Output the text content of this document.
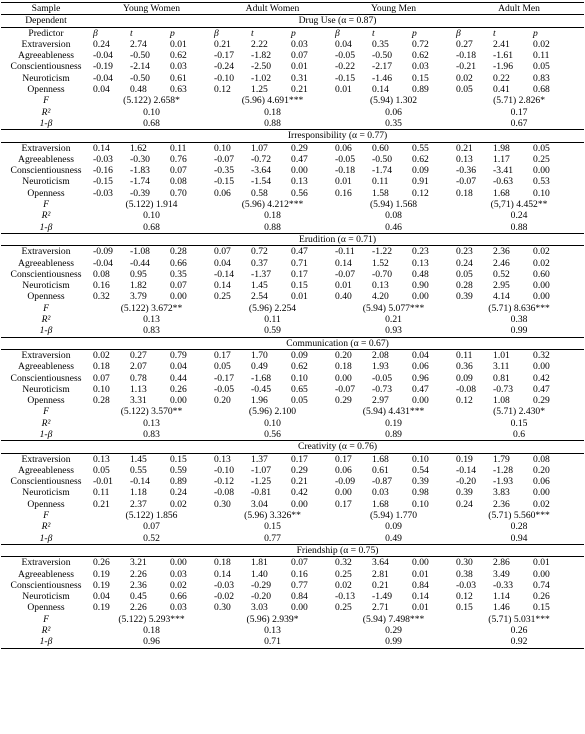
Sample	Young Women			Adult Women			Young Men			Adult Men		
Dependent	Drug Use (α = 0.87)											
Predictor	β	t	p	β	t	p	β	t	p	β	t	p
Extraversion	0.24	2.74	0.01	0.21	2.22	0.03	0.04	0.35	0.72	0.27	2.41	0.02
Agreeableness	-0.04	-0.50	0.62	-0.17	-1.82	0.07	-0.05	-0.50	0.62	-0.18	-1.61	0.11
Conscientiousness	-0.19	-2.14	0.03	-0.24	-2.50	0.01	-0.22	-2.17	0.03	-0.21	-1.96	0.05
Neuroticism	-0.04	-0.50	0.61	-0.10	-1.02	0.31	-0.15	-1.46	0.15	0.02	0.22	0.83
Openness	0.04	0.48	0.63	0.12	1.25	0.21	0.01	0.14	0.89	0.05	0.41	0.68
F	(5.122) 2.658*			(5.96) 4.691***			(5.94) 1.302			(5.71) 2.826*		
R²	0.10			0.18			0.06			0.17		
1-β	0.68			0.88			0.35			0.67		
	Irresponsibility (α = 0.77)											
Extraversion	0.14	1.62	0.11	0.10	1.07	0.29	0.06	0.60	0.55	0.21	1.98	0.05
Agreeableness	-0.03	-0.30	0.76	-0.07	-0.72	0.47	-0.05	-0.50	0.62	0.13	1.17	0.25
Conscientiousness	-0.16	-1.83	0.07	-0.35	-3.64	0.00	-0.18	-1.74	0.09	-0.36	-3.41	0.00
Neuroticism	-0.15	-1.74	0.08	-0.15	-1.54	0.13	0.01	0.11	0.91	-0.07	-0.63	0.53
Openness	-0.03	-0.39	0.70	0.06	0.58	0.56	0.16	1.58	0.12	0.18	1.68	0.10
F	(5.122) 1.914			(5.96) 4.212***			(5.94) 1.568			(5,71) 4.452**		
R²	0.10			0.18			0.08			0.24		
1-β	0.68			0.88			0.46			0.88		
	Erudition (α = 0.71)											
Extraversion	-0.09	-1.08	0.28	0.07	0.72	0.47	-0.11	-1.22	0.23	0.23	2.36	0.02
Agreeableness	-0.04	-0.44	0.66	0.04	0.37	0.71	0.14	1.52	0.13	0.24	2.46	0.02
Conscientiousness	0.08	0.95	0.35	-0.14	-1.37	0.17	-0.07	-0.70	0.48	0.05	0.52	0.60
Neuroticism	0.16	1.82	0.07	0.14	1.45	0.15	0.01	0.13	0.90	0.28	2.95	0.00
Openness	0.32	3.79	0.00	0.25	2.54	0.01	0.40	4.20	0.00	0.39	4.14	0.00
F	(5.122) 3.672**			(5.96) 2.254			(5.94) 5.077***			(5.71) 8.636***		
R²	0.13			0.11			0.21			0.38		
1-β	0.83			0.59			0.93			0.99		
	Communication (α = 0.67)											
Extraversion	0.02	0.27	0.79	0.17	1.70	0.09	0.20	2.08	0.04	0.11	1.01	0.32
Agreeableness	0.18	2.07	0.04	0.05	0.49	0.62	0.18	1.93	0.06	0.36	3.11	0.00
Conscientiousness	0.07	0.78	0.44	-0.17	-1.68	0.10	0.00	-0.05	0.96	0.09	0.81	0.42
Neuroticism	0.10	1.13	0.26	-0.05	-0.45	0.65	-0.07	-0.73	0.47	-0.08	-0.73	0.47
Openness	0.28	3.31	0.00	0.20	1.96	0.05	0.29	2.97	0.00	0.12	1.08	0.29
F	(5.122) 3.570**			(5.96) 2.100			(5.94) 4.431***			(5.71) 2.430*		
R²	0.13			0.10			0.19			0.15		
1-β	0.83			0.56			0.89			0.6		
	Creativity (α = 0.76)											
Extraversion	0.13	1.45	0.15	0.13	1.37	0.17	0.17	1.68	0.10	0.19	1.79	0.08
Agreeableness	0.05	0.55	0.59	-0.10	-1.07	0.29	0.06	0.61	0.54	-0.14	-1.28	0.20
Conscientiousness	-0.01	-0.14	0.89	-0.12	-1.25	0.21	-0.09	-0.87	0.39	-0.20	-1.93	0.06
Neuroticism	0.11	1.18	0.24	-0.08	-0.81	0.42	0.00	0.03	0.98	0.39	3.83	0.00
Openness	0.21	2.37	0.02	0.30	3.04	0.00	0.17	1.68	0.10	0.24	2.36	0.02
F	(5.122) 1.856			(5.96) 3.326**			(5.94) 1.770			(5.71) 5.560***		
R²	0.07			0.15			0.09			0.28		
1-β	0.52			0.77			0.49			0.94		
	Friendship (α = 0.75)											
Extraversion	0.26	3.21	0.00	0.18	1.81	0.07	0.32	3.64	0.00	0.30	2.86	0.01
Agreeableness	0.19	2.26	0.03	0.14	1.40	0.16	0.25	2.81	0.01	0.38	3.49	0.00
Conscientiousness	0.19	2.36	0.02	-0.03	-0.29	0.77	0.02	0.21	0.84	-0.03	-0.33	0.74
Neuroticism	0.04	0.45	0.66	-0.02	-0.20	0.84	-0.13	-1.49	0.14	0.12	1.14	0.26
Openness	0.19	2.26	0.03	0.30	3.03	0.00	0.25	2.71	0.01	0.15	1.46	0.15
F	(5.122) 5.293***			(5.96) 2.939*			(5.94) 7.498***			(5.71) 5.031***		
R²	0.18			0.13			0.29			0.26		
1-β	0.96			0.71			0.99			0.92		
